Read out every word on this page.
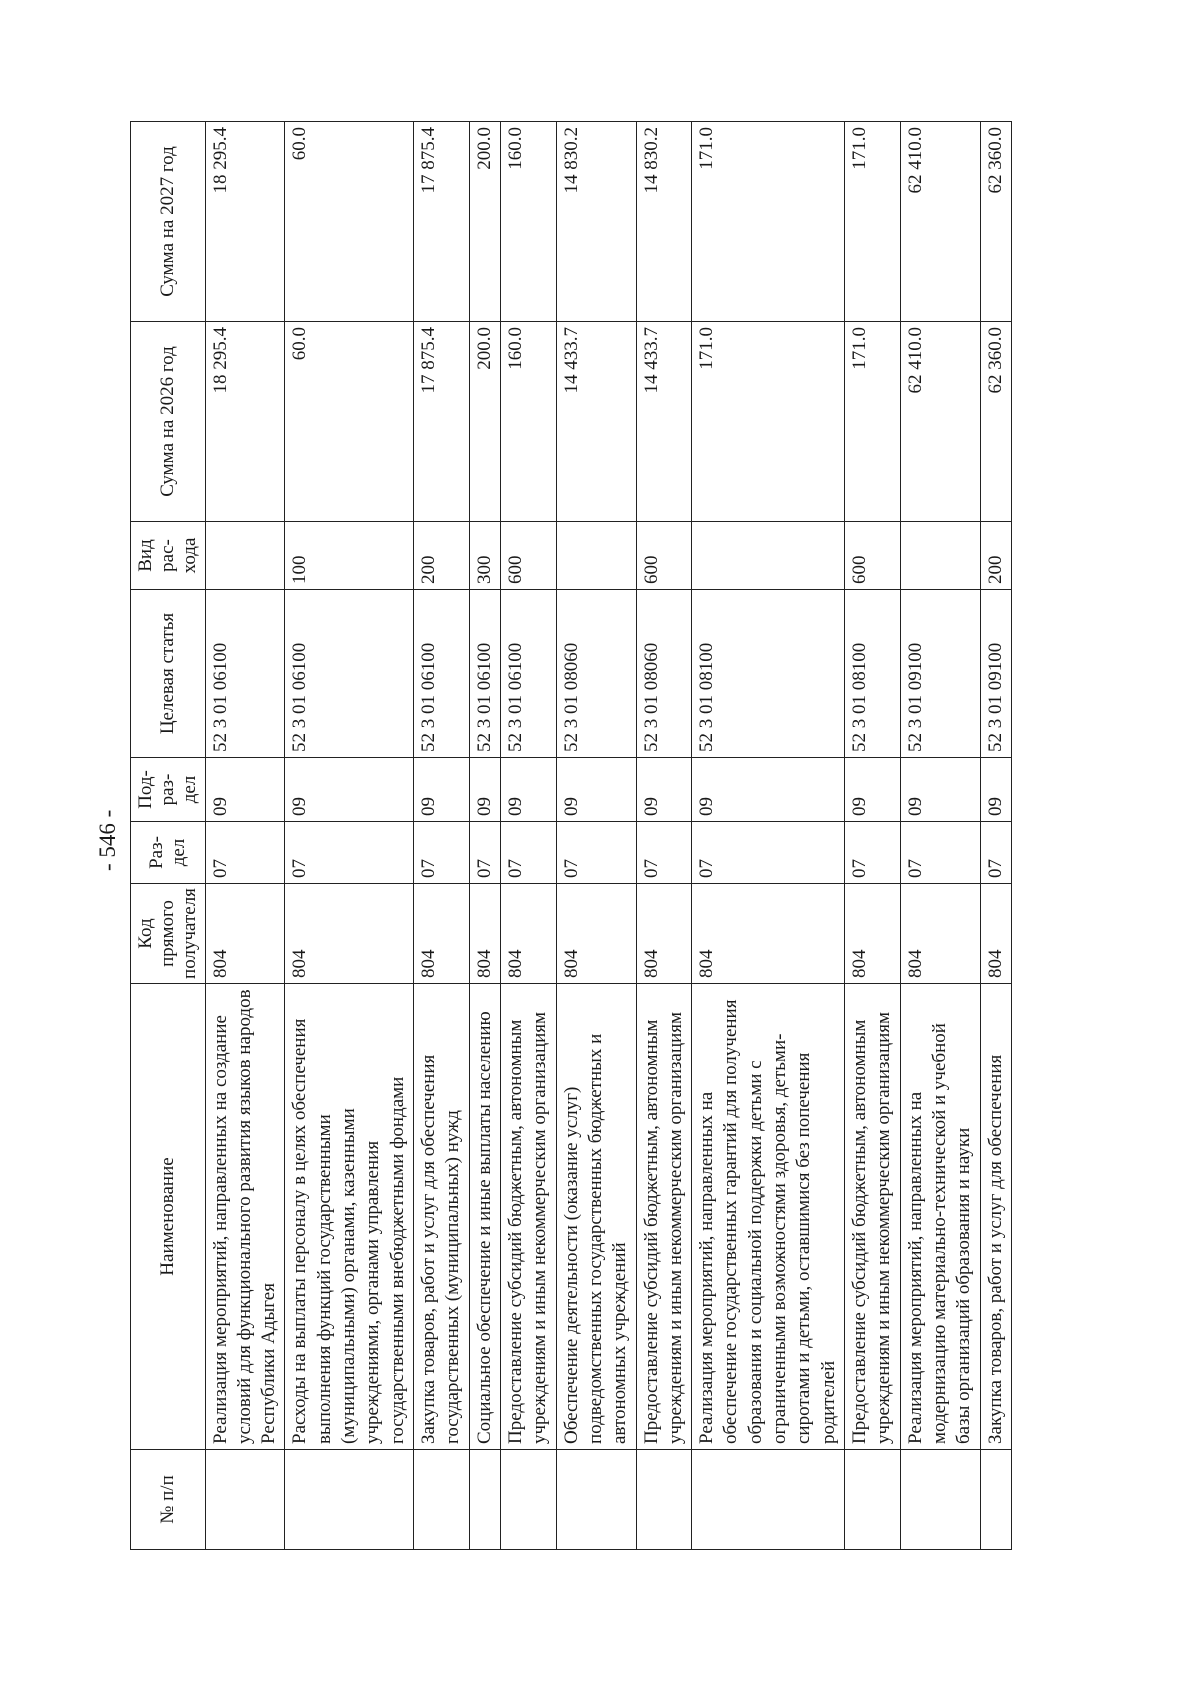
- 546 -
№ п/п	Наименование	Код прямого получателя	Раз-дел	Под-раз-дел	Целевая статья	Вид рас-хода	Сумма на 2026 год	Сумма на 2027 год
	Реализация мероприятий, направленных на создание условий для функционального развития языков народов Республики Адыгея	804	07	09	52 3 01 06100		18 295.4	18 295.4
	Расходы на выплаты персоналу в целях обеспечения выполнения функций государственными (муниципальными) органами, казенными учреждениями, органами управления государственными внебюджетными фондами	804	07	09	52 3 01 06100	100	60.0	60.0
	Закупка товаров, работ и услуг для обеспечения государственных (муниципальных) нужд	804	07	09	52 3 01 06100	200	17 875.4	17 875.4
	Социальное обеспечение и иные выплаты населению	804	07	09	52 3 01 06100	300	200.0	200.0
	Предоставление субсидий бюджетным, автономным учреждениям и иным некоммерческим организациям	804	07	09	52 3 01 06100	600	160.0	160.0
	Обеспечение деятельности (оказание услуг) подведомственных государственных бюджетных и автономных учреждений	804	07	09	52 3 01 08060		14 433.7	14 830.2
	Предоставление субсидий бюджетным, автономным учреждениям и иным некоммерческим организациям	804	07	09	52 3 01 08060	600	14 433.7	14 830.2
	Реализация мероприятий, направленных на обеспечение государственных гарантий для получения образования и социальной поддержки детьми с ограниченными возможностями здоровья, детьми-сиротами и детьми, оставшимися без попечения родителей	804	07	09	52 3 01 08100		171.0	171.0
	Предоставление субсидий бюджетным, автономным учреждениям и иным некоммерческим организациям	804	07	09	52 3 01 08100	600	171.0	171.0
	Реализация мероприятий, направленных на модернизацию материально-технической и учебной базы организаций образования и науки	804	07	09	52 3 01 09100		62 410.0	62 410.0
	Закупка товаров, работ и услуг для обеспечения	804	07	09	52 3 01 09100	200	62 360.0	62 360.0
